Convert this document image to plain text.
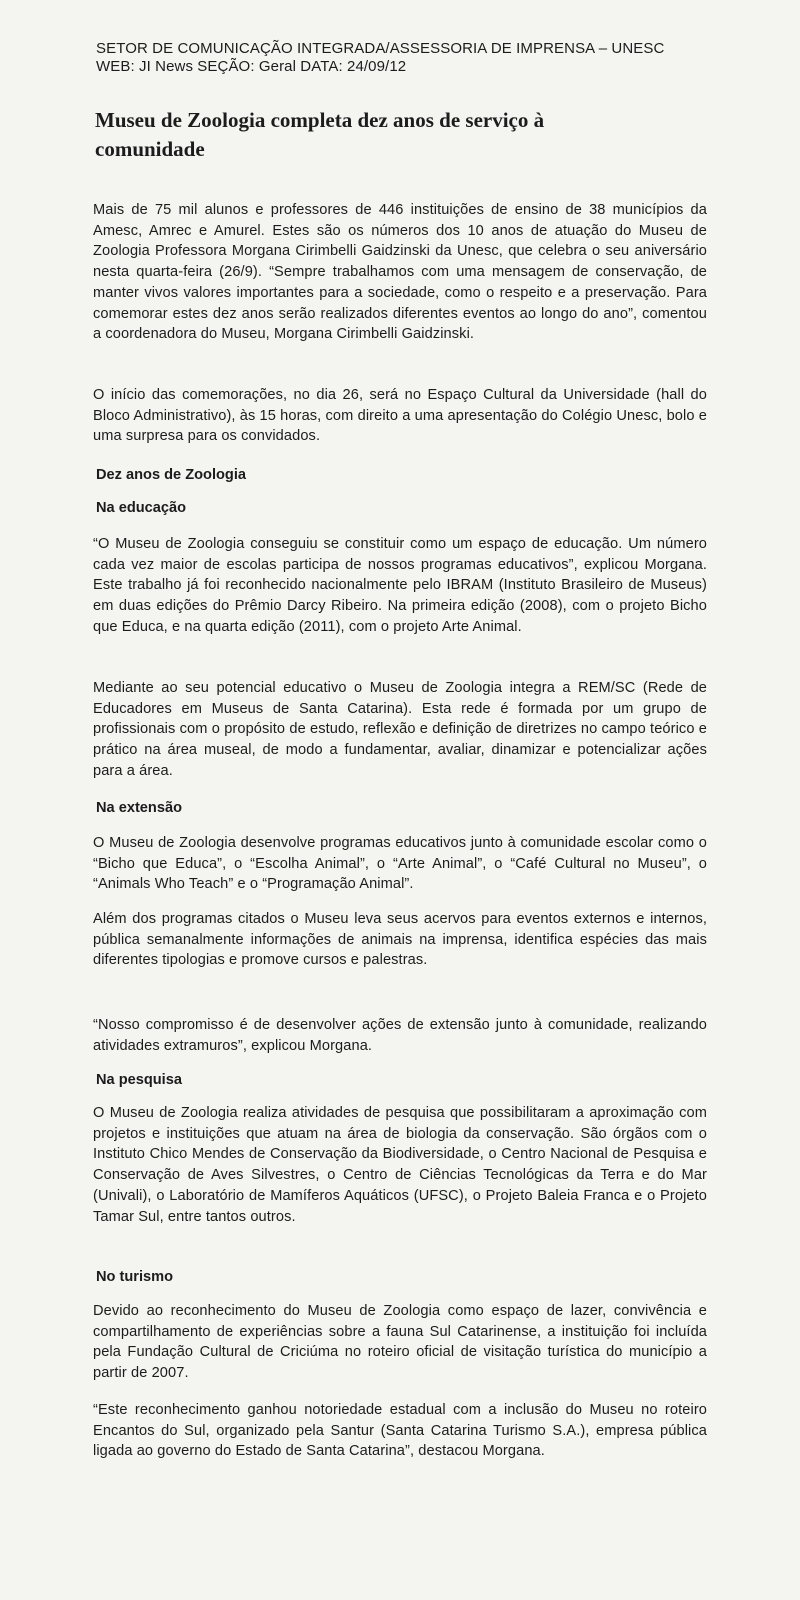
SETOR DE COMUNICAÇÃO INTEGRADA/ASSESSORIA DE IMPRENSA – UNESC
WEB: JI News SEÇÃO: Geral DATA: 24/09/12
Museu de Zoologia completa dez anos de serviço à comunidade

Mais de 75 mil alunos e professores de 446 instituições de ensino de 38 municípios da Amesc, Amrec e Amurel. Estes são os números dos 10 anos de atuação do Museu de Zoologia Professora Morgana Cirimbelli Gaidzinski da Unesc, que celebra o seu aniversário nesta quarta-feira (26/9). “Sempre trabalhamos com uma mensagem de conservação, de manter vivos valores importantes para a sociedade, como o respeito e a preservação. Para comemorar estes dez anos serão realizados diferentes eventos ao longo do ano”, comentou a coordenadora do Museu, Morgana Cirimbelli Gaidzinski.

O início das comemorações, no dia 26, será no Espaço Cultural da Universidade (hall do Bloco Administrativo), às 15 horas, com direito a uma apresentação do Colégio Unesc, bolo e uma surpresa para os convidados.

Dez anos de Zoologia
Na educação

“O Museu de Zoologia conseguiu se constituir como um espaço de educação. Um número cada vez maior de escolas participa de nossos programas educativos”, explicou Morgana. Este trabalho já foi reconhecido nacionalmente pelo IBRAM (Instituto Brasileiro de Museus) em duas edições do Prêmio Darcy Ribeiro. Na primeira edição (2008), com o projeto Bicho que Educa, e na quarta edição (2011), com o projeto Arte Animal.

Mediante ao seu potencial educativo o Museu de Zoologia integra a REM/SC (Rede de Educadores em Museus de Santa Catarina). Esta rede é formada por um grupo de profissionais com o propósito de estudo, reflexão e definição de diretrizes no campo teórico e prático na área museal, de modo a fundamentar, avaliar, dinamizar e potencializar ações para a área.

Na extensão

O Museu de Zoologia desenvolve programas educativos junto à comunidade escolar como o “Bicho que Educa”, o “Escolha Animal”, o “Arte Animal”, o “Café Cultural no Museu”, o “Animals Who Teach” e o “Programação Animal”.

Além dos programas citados o Museu leva seus acervos para eventos externos e internos, pública semanalmente informações de animais na imprensa, identifica espécies das mais diferentes tipologias e promove cursos e palestras.

“Nosso compromisso é de desenvolver ações de extensão junto à comunidade, realizando atividades extramuros”, explicou Morgana.

Na pesquisa

O Museu de Zoologia realiza atividades de pesquisa que possibilitaram a aproximação com projetos e instituições que atuam na área de biologia da conservação. São órgãos com o Instituto Chico Mendes de Conservação da Biodiversidade, o Centro Nacional de Pesquisa e Conservação de Aves Silvestres, o Centro de Ciências Tecnológicas da Terra e do Mar (Univali), o Laboratório de Mamíferos Aquáticos (UFSC), o Projeto Baleia Franca e o Projeto Tamar Sul, entre tantos outros.

No turismo

Devido ao reconhecimento do Museu de Zoologia como espaço de lazer, convivência e compartilhamento de experiências sobre a fauna Sul Catarinense, a instituição foi incluída pela Fundação Cultural de Criciúma no roteiro oficial de visitação turística do município a partir de 2007.

“Este reconhecimento ganhou notoriedade estadual com a inclusão do Museu no roteiro Encantos do Sul, organizado pela Santur (Santa Catarina Turismo S.A.), empresa pública ligada ao governo do Estado de Santa Catarina”, destacou Morgana.
